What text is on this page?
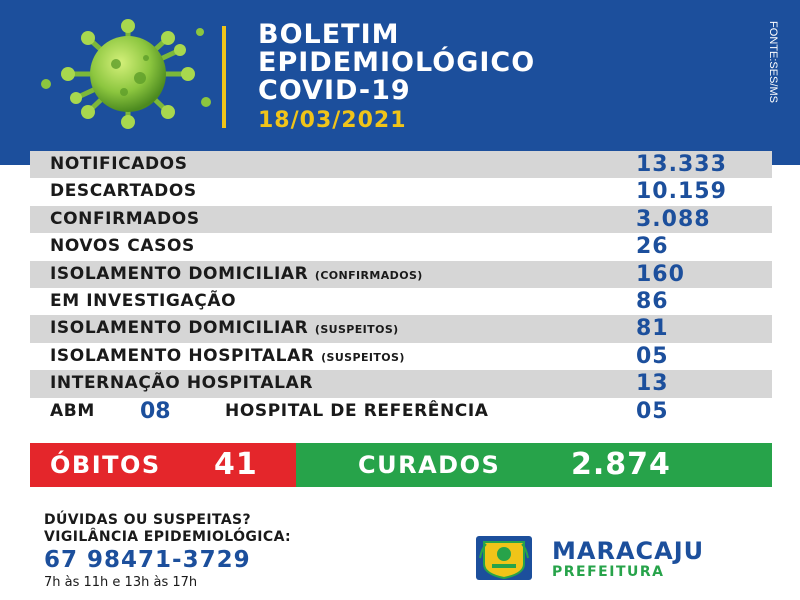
BOLETIM
EPIDEMIOLÓGICO
COVID-19
18/03/2021
FONTE:SES/MS
NOTIFICADOS	13.333
DESCARTADOS	10.159
CONFIRMADOS	3.088
NOVOS CASOS	26
ISOLAMENTO DOMICILIAR (CONFIRMADOS)	160
EM INVESTIGAÇÃO	86
ISOLAMENTO DOMICILIAR (SUSPEITOS)	81
ISOLAMENTO HOSPITALAR (SUSPEITOS)	05
INTERNAÇÃO HOSPITALAR	13
ABM 08	HOSPITAL DE REFERÊNCIA	05
ÓBITOS 41	CURADOS 2.874
DÚVIDAS OU SUSPEITAS?
VIGILÂNCIA EPIDEMIOLÓGICA:
67 98471-3729
7h às 11h e 13h às 17h
MARACAJU
PREFEITURA
